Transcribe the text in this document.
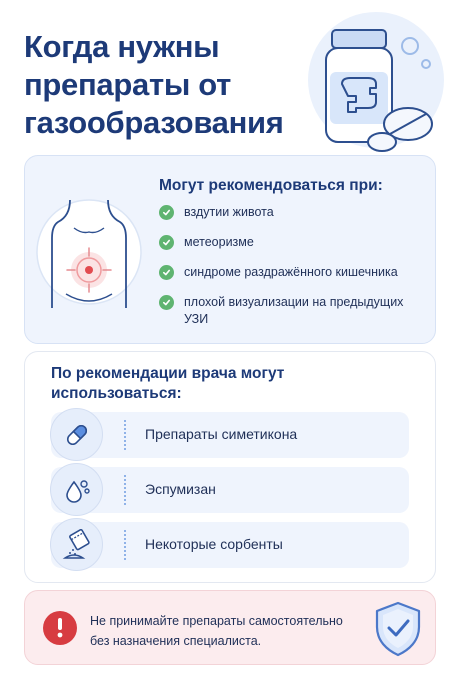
Когда нужны препараты от газообразования
Могут рекомендоваться при:
вздутии живота
метеоризме
синдроме раздражённого кишечника
плохой визуализации на предыдущих УЗИ
По рекомендации врача могут использоваться:
Препараты симетикона
Эспумизан
Некоторые сорбенты

Не принимайте препараты самостоятельно без назначения специалиста.
